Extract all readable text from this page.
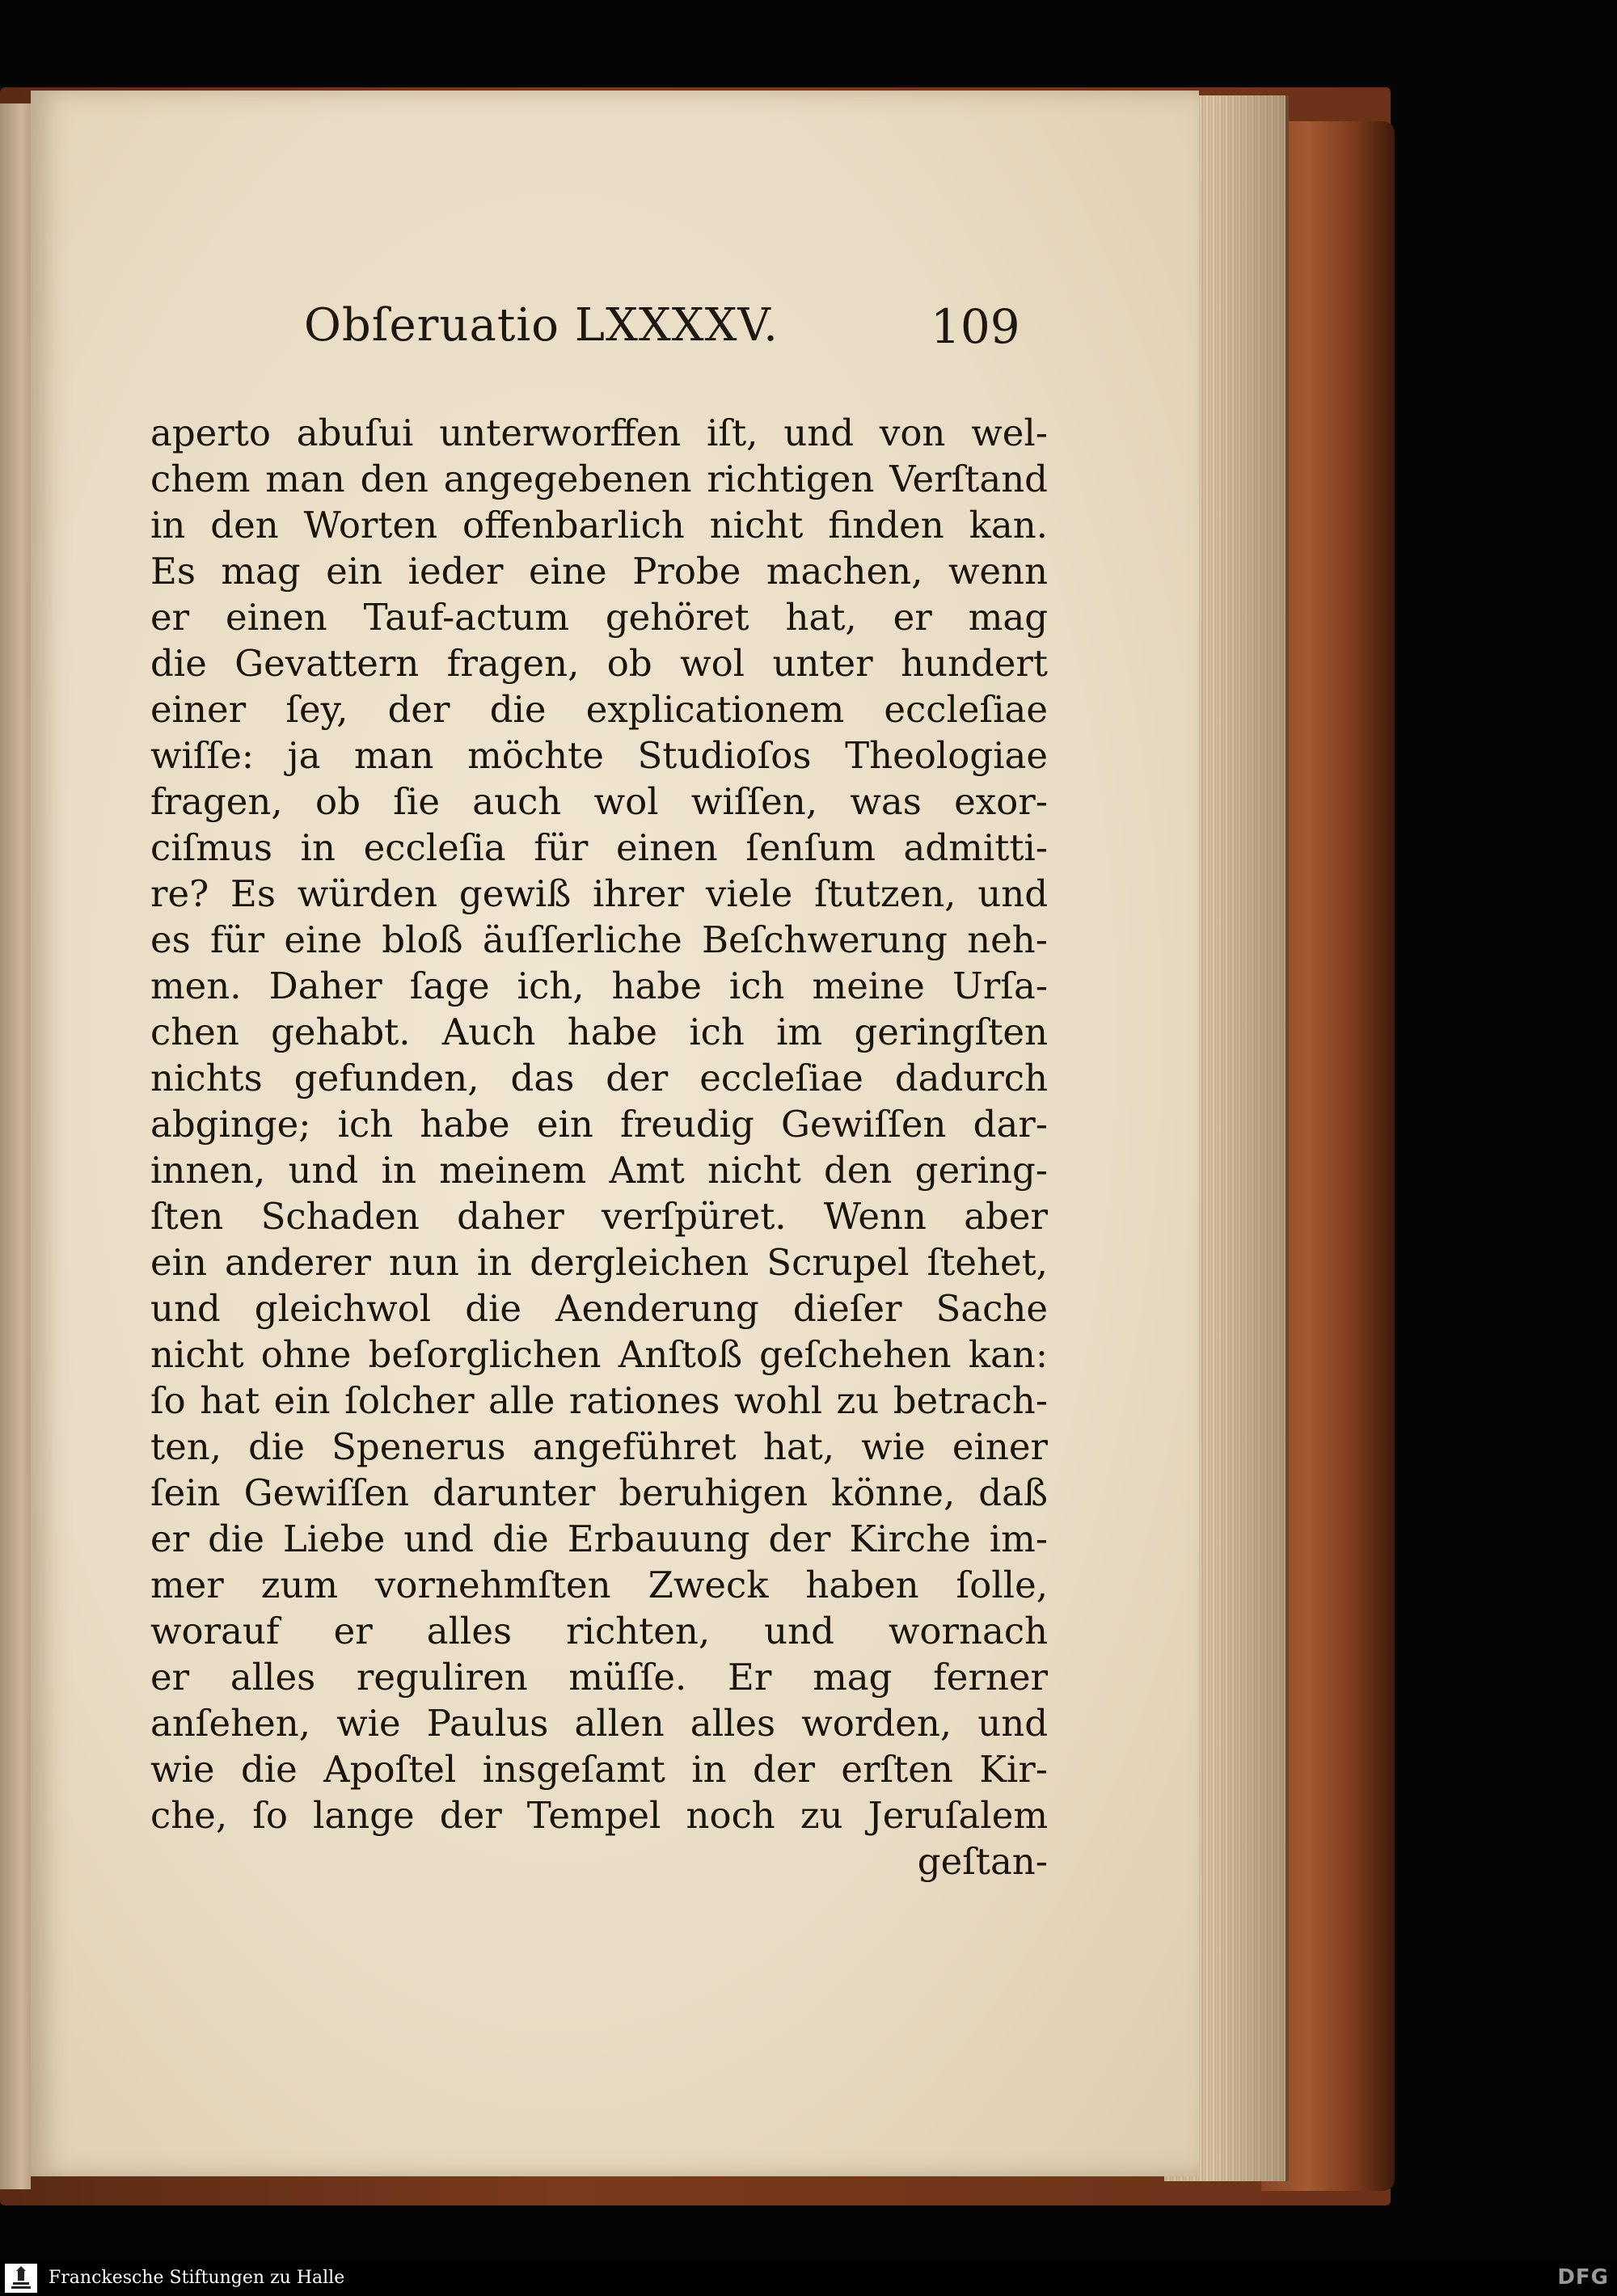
Obſeruatio LXXXXV.	109
aperto abuſui unterworffen iſt, und von wel-
chem man den angegebenen richtigen Verſtand
in den Worten offenbarlich nicht finden kan.
Es mag ein ieder eine Probe machen, wenn
er einen Tauf-actum gehöret hat, er mag
die Gevattern fragen, ob wol unter hundert
einer ſey, der die explicationem eccleſiae
wiſſe: ja man möchte Studioſos Theologiae
fragen, ob ſie auch wol wiſſen, was exor-
ciſmus in eccleſia für einen ſenſum admitti-
re? Es würden gewiß ihrer viele ſtutzen, und
es für eine bloß äuſſerliche Beſchwerung neh-
men. Daher ſage ich, habe ich meine Urſa-
chen gehabt. Auch habe ich im geringſten
nichts gefunden, das der eccleſiae dadurch
abginge; ich habe ein freudig Gewiſſen dar-
innen, und in meinem Amt nicht den gering-
ſten Schaden daher verſpüret. Wenn aber
ein anderer nun in dergleichen Scrupel ſtehet,
und gleichwol die Aenderung dieſer Sache
nicht ohne beſorglichen Anſtoß geſchehen kan:
ſo hat ein ſolcher alle rationes wohl zu betrach-
ten, die Spenerus angeführet hat, wie einer
ſein Gewiſſen darunter beruhigen könne, daß
er die Liebe und die Erbauung der Kirche im-
mer zum vornehmſten Zweck haben ſolle,
worauf er alles richten, und wornach
er alles reguliren müſſe. Er mag ferner
anſehen, wie Paulus allen alles worden, und
wie die Apoſtel insgeſamt in der erſten Kir-
che, ſo lange der Tempel noch zu Jeruſalem
geſtan-
Franckesche Stiftungen zu Halle	DFG
